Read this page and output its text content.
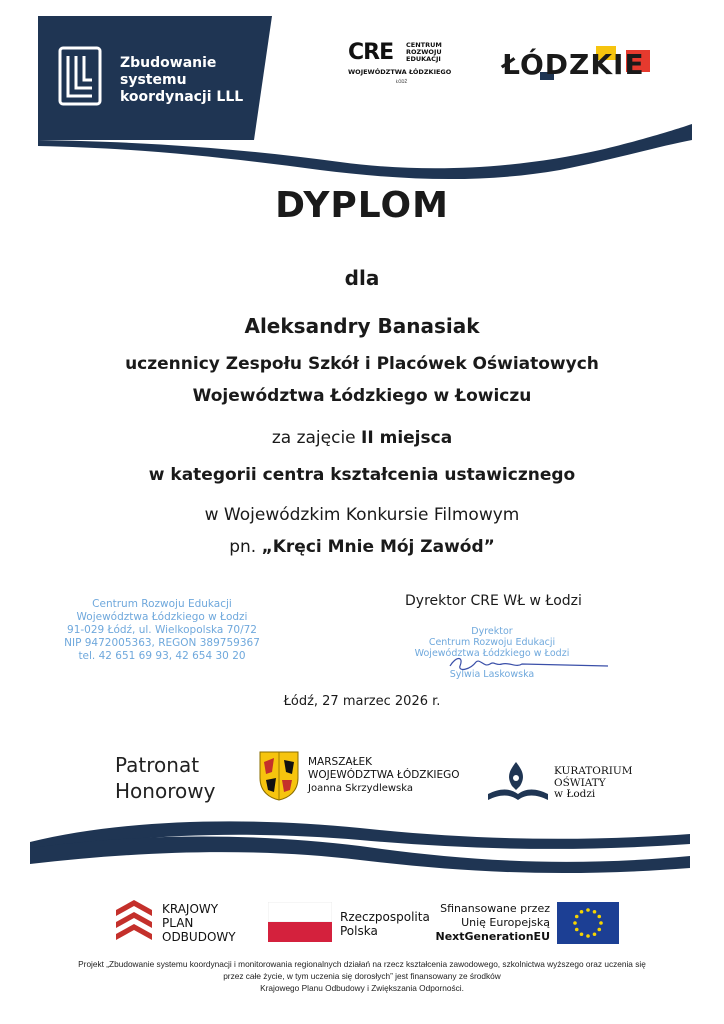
Zbudowanie
systemu
koordynacji LLL
CRE CENTRUM
ROZWOJU
EDUKACJI
WOJEWÓDZTWA ŁÓDZKIEGO
ŁÓDŹ
ŁÓDZKIE
DYPLOM
dla
Aleksandry Banasiak
uczennicy Zespołu Szkół i Placówek Oświatowych
Województwa Łódzkiego w Łowiczu
za zajęcie II miejsca
w kategorii centra kształcenia ustawicznego
w Wojewódzkim Konkursie Filmowym
pn. „Kręci Mnie Mój Zawód”
Centrum Rozwoju Edukacji
Województwa Łódzkiego w Łodzi
91-029 Łódź, ul. Wielkopolska 70/72
NIP 9472005363, REGON 389759367
tel. 42 651 69 93, 42 654 30 20
Dyrektor CRE WŁ w Łodzi
Dyrektor
Centrum Rozwoju Edukacji
Województwa Łódzkiego w Łodzi
Sylwia Laskowska
Łódź, 27 marzec 2026 r.
Patronat
Honorowy
MARSZAŁEK
WOJEWÓDZTWA ŁÓDZKIEGO
Joanna Skrzydlewska
KURATORIUM
OŚWIATY
w Łodzi
KRAJOWY
PLAN
ODBUDOWY
Rzeczpospolita
Polska
Sfinansowane przez
Unię Europejską
NextGenerationEU
Projekt „Zbudowanie systemu koordynacji i monitorowania regionalnych działań na rzecz kształcenia zawodowego, szkolnictwa wyższego oraz uczenia się
przez całe życie, w tym uczenia się dorosłych” jest finansowany ze środków
Krajowego Planu Odbudowy i Zwiększania Odporności.
